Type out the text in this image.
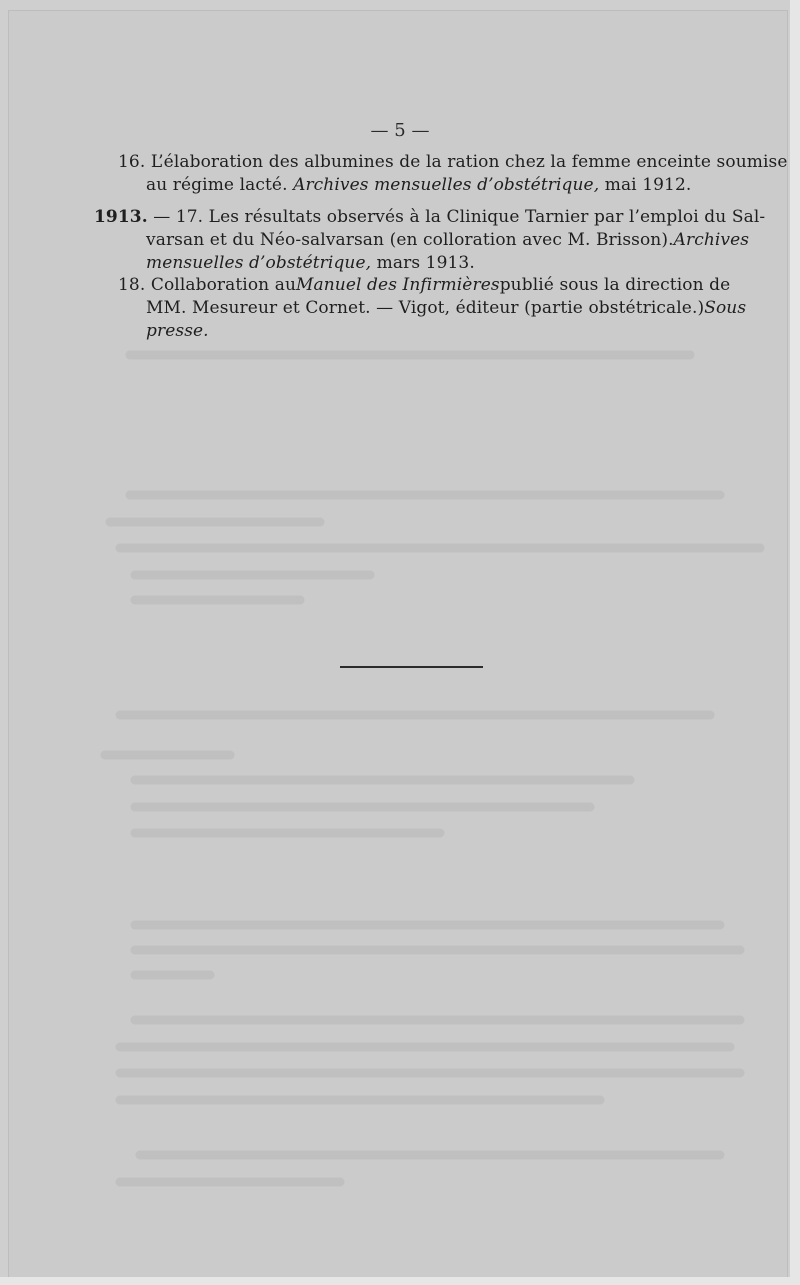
— 5 —
16. L’élaboration des albumines de la ration chez la femme enceinte soumise
au régime lacté. Archives mensuelles d’obstétrique, mai 1912.
1913. — 17. Les résultats observés à la Clinique Tarnier par l’emploi du Sal-
varsan et du Néo-salvarsan (en colloration avec M. Brisson). Archives
mensuelles d’obstétrique, mars 1913.
18. Collaboration au Manuel des Infirmières publié sous la direction de
MM. Mesureur et Cornet. — Vigot, éditeur (partie obstétricale.) Sous
presse.
